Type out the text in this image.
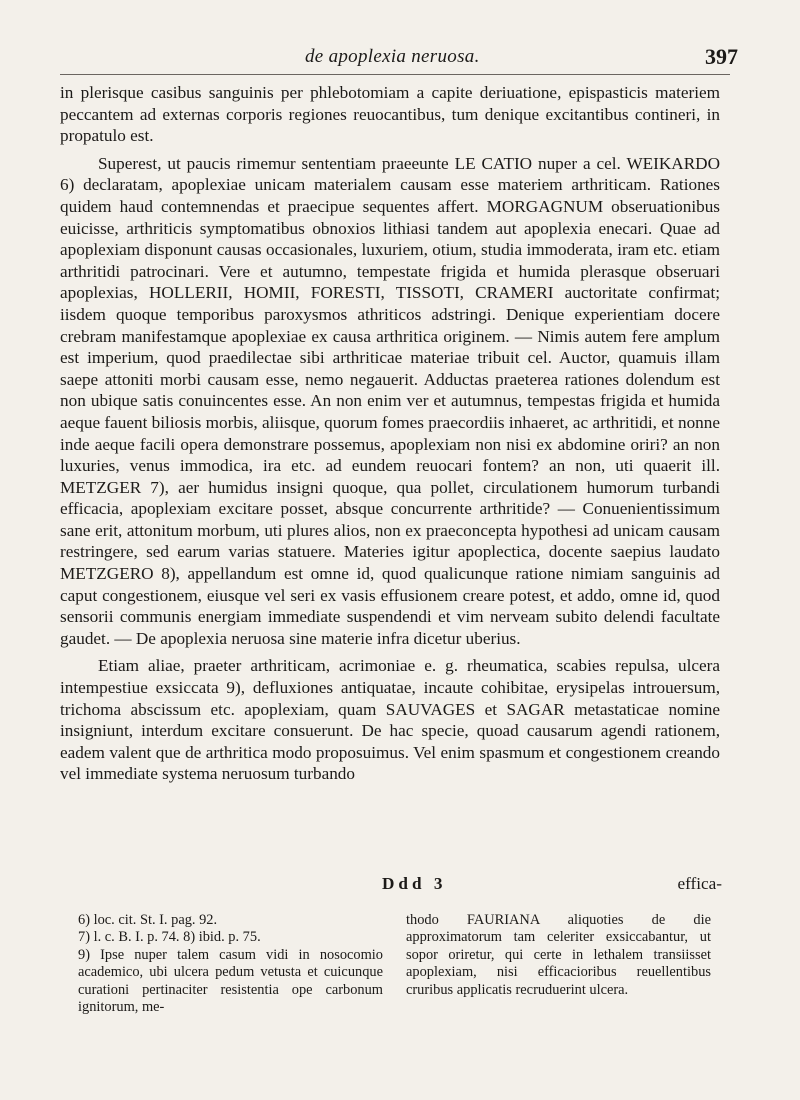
de apoplexia neruosa.	397

in plerisque casibus sanguinis per phlebotomiam a capite deriuatione, epispasticis materiem peccantem ad externas corporis regiones reuocantibus, tum denique excitantibus contineri, in propatulo est.

Superest, ut paucis rimemur sententiam praeeunte LE CATIO nuper a cel. WEIKARDO 6) declaratam, apoplexiae unicam materialem causam esse materiem arthriticam. Rationes quidem haud contemnendas et praecipue sequentes affert. MORGAGNUM obseruationibus euicisse, arthriticis symptomatibus obnoxios lithiasi tandem aut apoplexia enecari. Quae ad apoplexiam disponunt causas occasionales, luxuriem, otium, studia immoderata, iram etc. etiam arthritidi patrocinari. Vere et autumno, tempestate frigida et humida plerasque obseruari apoplexias, HOLLERII, HOMII, FORESTI, TISSOTI, CRAMERI auctoritate confirmat; iisdem quoque temporibus paroxysmos athriticos adstringi. Denique experientiam docere crebram manifestamque apoplexiae ex causa arthritica originem. — Nimis autem fere amplum est imperium, quod praedilectae sibi arthriticae materiae tribuit cel. Auctor, quamuis illam saepe attoniti morbi causam esse, nemo negauerit. Adductas praeterea rationes dolendum est non ubique satis conuincentes esse. An non enim ver et autumnus, tempestas frigida et humida aeque fauent biliosis morbis, aliisque, quorum fomes praecordiis inhaeret, ac arthritidi, et nonne inde aeque facili opera demonstrare possemus, apoplexiam non nisi ex abdomine oriri? an non luxuries, venus immodica, ira etc. ad eundem reuocari fontem? an non, uti quaerit ill. METZGER 7), aer humidus insigni quoque, qua pollet, circulationem humorum turbandi efficacia, apoplexiam excitare posset, absque concurrente arthritide? — Conuenientissimum sane erit, attonitum morbum, uti plures alios, non ex praeconcepta hypothesi ad unicam causam restringere, sed earum varias statuere. Materies igitur apoplectica, docente saepius laudato METZGERO 8), appellandum est omne id, quod qualicunque ratione nimiam sanguinis ad caput congestionem, eiusque vel seri ex vasis effusionem creare potest, et addo, omne id, quod sensorii communis energiam immediate suspendendi et vim nerveam subito delendi facultate gaudet. — De apoplexia neruosa sine materie infra dicetur uberius.

Etiam aliae, praeter arthriticam, acrimoniae e. g. rheumatica, scabies repulsa, ulcera intempestiue exsiccata 9), defluxiones antiquatae, incaute cohibitae, erysipelas introuersum, trichoma abscissum etc. apoplexiam, quam SAUVAGES et SAGAR metastaticae nomine insigniunt, interdum excitare consuerunt. De hac specie, quoad causarum agendi rationem, eadem valent que de arthritica modo proposuimus. Vel enim spasmum et congestionem creando vel immediate systema neruosum turbando

Ddd 3	effica-
6) loc. cit. St. I. pag. 92.
7) l. c. B. I. p. 74. 8) ibid. p. 75.
9) Ipse nuper talem casum vidi in nosocomio academico, ubi ulcera pedum vetusta et cuicunque curationi pertinaciter resistentia ope carbonum ignitorum, me-
thodo FAURIANA aliquoties de die approximatorum tam celeriter exsiccabantur, ut sopor oriretur, qui certe in lethalem transiisset apoplexiam, nisi efficacioribus reuellentibus cruribus applicatis recruduerint ulcera.
